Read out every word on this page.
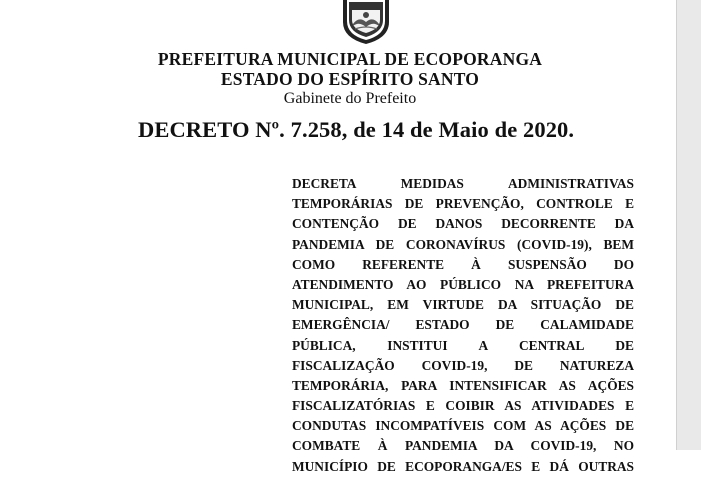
PREFEITURA MUNICIPAL DE ECOPORANGA
ESTADO DO ESPÍRITO SANTO
Gabinete do Prefeito
DECRETO Nº. 7.258, de 14 de Maio de 2020.
DECRETA MEDIDAS ADMINISTRATIVAS
TEMPORÁRIAS DE PREVENÇÃO, CONTROLE E
CONTENÇÃO DE DANOS DECORRENTE DA
PANDEMIA DE CORONAVÍRUS (COVID-19), BEM
COMO REFERENTE À SUSPENSÃO DO
ATENDIMENTO AO PÚBLICO NA PREFEITURA
MUNICIPAL, EM VIRTUDE DA SITUAÇÃO DE
EMERGÊNCIA/ ESTADO DE CALAMIDADE
PÚBLICA, INSTITUI A CENTRAL DE
FISCALIZAÇÃO COVID-19, DE NATUREZA
TEMPORÁRIA, PARA INTENSIFICAR AS AÇÕES
FISCALIZATÓRIAS E COIBIR AS ATIVIDADES E
CONDUTAS INCOMPATÍVEIS COM AS AÇÕES DE
COMBATE À PANDEMIA DA COVID-19, NO
MUNICÍPIO DE ECOPORANGA/ES E DÁ OUTRAS
